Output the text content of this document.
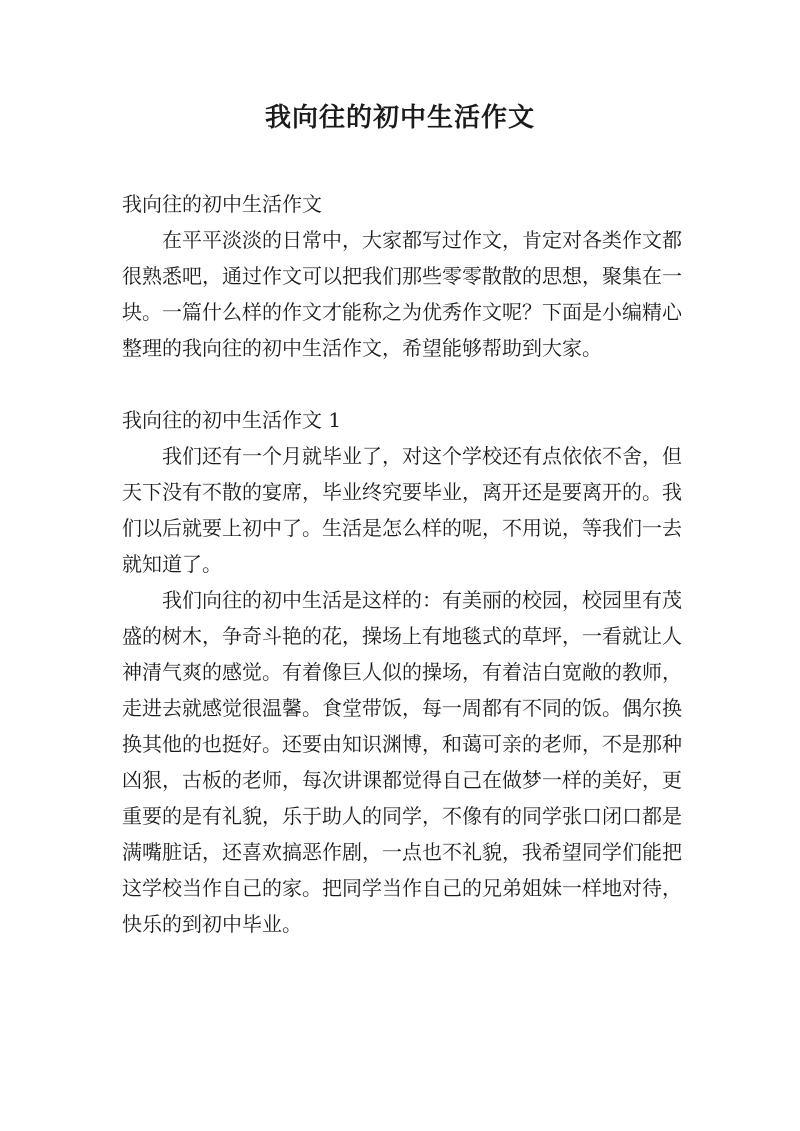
我向往的初中生活作文

我向往的初中生活作文

在平平淡淡的日常中，大家都写过作文，肯定对各类作文都很熟悉吧，通过作文可以把我们那些零零散散的思想，聚集在一块。一篇什么样的作文才能称之为优秀作文呢？下面是小编精心整理的我向往的初中生活作文，希望能够帮助到大家。

我向往的初中生活作文 1

我们还有一个月就毕业了，对这个学校还有点依依不舍，但天下没有不散的宴席，毕业终究要毕业，离开还是要离开的。我们以后就要上初中了。生活是怎么样的呢，不用说，等我们一去就知道了。

我们向往的初中生活是这样的：有美丽的校园，校园里有茂盛的树木，争奇斗艳的花，操场上有地毯式的草坪，一看就让人神清气爽的感觉。有着像巨人似的操场，有着洁白宽敞的教师，走进去就感觉很温馨。食堂带饭，每一周都有不同的饭。偶尔换换其他的也挺好。还要由知识渊博，和蔼可亲的老师，不是那种凶狠，古板的老师，每次讲课都觉得自己在做梦一样的美好，更重要的是有礼貌，乐于助人的同学，不像有的同学张口闭口都是满嘴脏话，还喜欢搞恶作剧，一点也不礼貌，我希望同学们能把这学校当作自己的家。把同学当作自己的兄弟姐妹一样地对待，快乐的到初中毕业。
